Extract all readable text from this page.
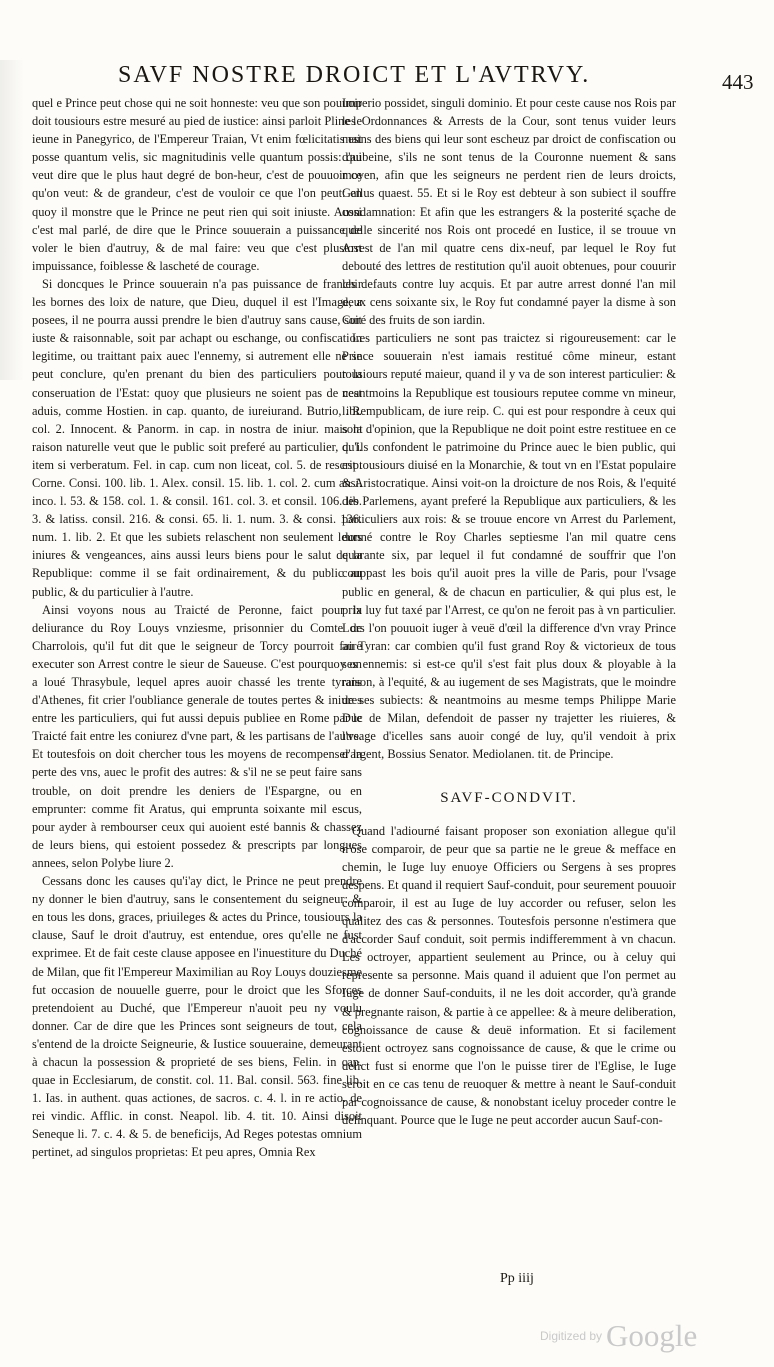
SAVF NOSTRE DROICT ET L'AVTRVY.	443

quel e Prince peut chose qui ne soit honneste: veu que son pouuoir doit tousiours estre mesuré au pied de iustice: ainsi parloit Pline le ieune in Panegyrico, de l'Empereur Traian, Vt enim fœlicitatis est posse quantum velis, sic magnitudinis velle quantum possis: qui veut dire que le plus haut degré de bon-heur, c'est de pouuoir ce qu'on veut: & de grandeur, c'est de vouloir ce que l'on peut: en quoy il monstre que le Prince ne peut rien qui soit iniuste. Aussi c'est mal parlé, de dire que le Prince souuerain a puissance de voler le bien d'autruy, & de mal faire: veu que c'est plustost impuissance, foiblesse & lascheté de courage.

Si doncques le Prince souuerain n'a pas puissance de franchir les bornes des loix de nature, que Dieu, duquel il est l'Image, a posees, il ne pourra aussi prendre le bien d'autruy sans cause, soit iuste & raisonnable, soit par achapt ou eschange, ou confiscation legitime, ou traittant paix auec l'ennemy, si autrement elle ne se peut conclure, qu'en prenant du bien des particuliers pour la conseruation de l'Estat: quoy que plusieurs ne soient pas de cest aduis, comme Hostien. in cap. quanto, de iureiurand. Butrio, ibi. col. 2. Innocent. & Panorm. in cap. in nostra de iniur. mais la raison naturelle veut que le public soit preferé au particulier, d. l. item si verberatum. Fel. in cap. cum non liceat, col. 5. de rescrip. Corne. Consi. 100. lib. 1. Alex. consil. 15. lib. 1. col. 2. cum ansi. inco. l. 53. & 158. col. 1. & consil. 161. col. 3. et consil. 106. lib. 3. & latiss. consil. 216. & consi. 65. li. 1. num. 3. & consi. 136. num. 1. lib. 2. Et que les subiets relaschent non seulement leurs iniures & vengeances, ains aussi leurs biens pour le salut de la Republique: comme il se fait ordinairement, & du public au public, & du particulier à l'autre.

Ainsi voyons nous au Traicté de Peronne, faict pour la deliurance du Roy Louys vnziesme, prisonnier du Comte de Charrolois, qu'il fut dit que le seigneur de Torcy pourroit faire executer son Arrest contre le sieur de Saueuse. C'est pourquoy on a loué Thrasybule, lequel apres auoir chassé les trente tyrans d'Athenes, fit crier l'oubliance generale de toutes pertes & iniures entre les particuliers, qui fut aussi depuis publiee en Rome par le Traicté fait entre les coniurez d'vne part, & les partisans de l'autre. Et toutesfois on doit chercher tous les moyens de recompenser la perte des vns, auec le profit des autres: & s'il ne se peut faire sans trouble, on doit prendre les deniers de l'Espargne, ou en emprunter: comme fit Aratus, qui emprunta soixante mil escus, pour ayder à rembourser ceux qui auoient esté bannis & chassez de leurs biens, qui estoient possedez & prescripts par longues annees, selon Polybe liure 2.

Cessans donc les causes qu'i'ay dict, le Prince ne peut prendre ny donner le bien d'autruy, sans le consentement du seigneur: & en tous les dons, graces, priuileges & actes du Prince, tousiours la clause, Sauf le droit d'autruy, est entendue, ores qu'elle ne fust exprimee. Et de fait ceste clause apposee en l'inuestiture du Duché de Milan, que fit l'Empereur Maximilian au Roy Louys douziesme fut occasion de nouuelle guerre, pour le droict que les Sforces pretendoient au Duché, que l'Empereur n'auoit peu ny voulu donner. Car de dire que les Princes sont seigneurs de tout, cela s'entend de la droicte Seigneurie, & Iustice souueraine, demeurant à chacun la possession & proprieté de ses biens, Felin. in cap. quae in Ecclesiarum, de constit. col. 11. Bal. consil. 563. fine lib. 1. Ias. in authent. quas actiones, de sacros. c. 4. l. in re actio. de rei vindic. Afflic. in const. Neapol. lib. 4. tit. 10. Ainsi disoit Seneque li. 7. c. 4. & 5. de beneficijs, Ad Reges potestas omnium pertinet, ad singulos proprietas: Et peu apres, Omnia Rex

Imperio possidet, singuli dominio. Et pour ceste cause nos Rois par les Ordonnances & Arrests de la Cour, sont tenus vuider leurs mains des biens qui leur sont escheuz par droict de confiscation ou d'aubeine, s'ils ne sont tenus de la Couronne nuement & sans moyen, afin que les seigneurs ne perdent rien de leurs droicts, Gallus quaest. 55. Et si le Roy est debteur à son subiect il souffre condamnation: Et afin que les estrangers & la posterité sçache de quelle sincerité nos Rois ont procedé en Iustice, il se trouue vn Arrest de l'an mil quatre cens dix-neuf, par lequel le Roy fut debouté des lettres de restitution qu'il auoit obtenues, pour couurir les defauts contre luy acquis. Et par autre arrest donné l'an mil deux cens soixante six, le Roy fut condamné payer la disme à son Curé des fruits de son iardin.

Les particuliers ne sont pas traictez si rigoureusement: car le Prince souuerain n'est iamais restitué côme mineur, estant tousiours reputé maieur, quand il y va de son interest particulier: & neantmoins la Republique est tousiours reputee comme vn mineur, l. Rempublicam, de iure reip. C. qui est pour respondre à ceux qui sont d'opinion, que la Republique ne doit point estre restituee en ce qu'ils confondent le patrimoine du Prince auec le bien public, qui est tousiours diuisé en la Monarchie, & tout vn en l'Estat populaire & Aristocratique. Ainsi voit-on la droicture de nos Rois, & l'equité des Parlemens, ayant preferé la Republique aux particuliers, & les particuliers aux rois: & se trouue encore vn Arrest du Parlement, donné contre le Roy Charles septiesme l'an mil quatre cens quarante six, par lequel il fut condamné de souffrir que l'on couppast les bois qu'il auoit pres la ville de Paris, pour l'vsage public en general, & de chacun en particulier, & qui plus est, le prix luy fut taxé par l'Arrest, ce qu'on ne feroit pas à vn particulier. Lors l'on pouuoit iuger à veuë d'œil la difference d'vn vray Prince au Tyran: car combien qu'il fust grand Roy & victorieux de tous ses ennemis: si est-ce qu'il s'est fait plus doux & ployable à la raison, à l'equité, & au iugement de ses Magistrats, que le moindre de ses subiects: & neantmoins au mesme temps Philippe Marie Duc de Milan, defendoit de passer ny trajetter les riuieres, & l'vsage d'icelles sans auoir congé de luy, qu'il vendoit à prix d'argent, Bossius Senator. Mediolanen. tit. de Principe.

SAVF-CONDVIT.

Quand l'adiourné faisant proposer son exoniation allegue qu'il n'ose comparoir, de peur que sa partie ne le greue & mefface en chemin, le Iuge luy enuoye Officiers ou Sergens à ses propres despens. Et quand il requiert Sauf-conduit, pour seurement pouuoir comparoir, il est au Iuge de luy accorder ou refuser, selon les qualitez des cas & personnes. Toutesfois personne n'estimera que d'accorder Sauf conduit, soit permis indifferemment à vn chacun. Les octroyer, appartient seulement au Prince, ou à celuy qui represente sa personne. Mais quand il aduient que l'on permet au Iuge de donner Sauf-conduits, il ne les doit accorder, qu'à grande & pregnante raison, & partie à ce appellee: & à meure deliberation, cognoissance de cause & deuë information. Et si facilement estoient octroyez sans cognoissance de cause, & que le crime ou delict fust si enorme que l'on le puisse tirer de l'Eglise, le Iuge seroit en ce cas tenu de reuoquer & mettre à neant le Sauf-conduit par cognoissance de cause, & nonobstant iceluy proceder contre le delinquant. Pource que le Iuge ne peut accorder aucun Sauf-con-

Pp iiij
Digitized by Google
